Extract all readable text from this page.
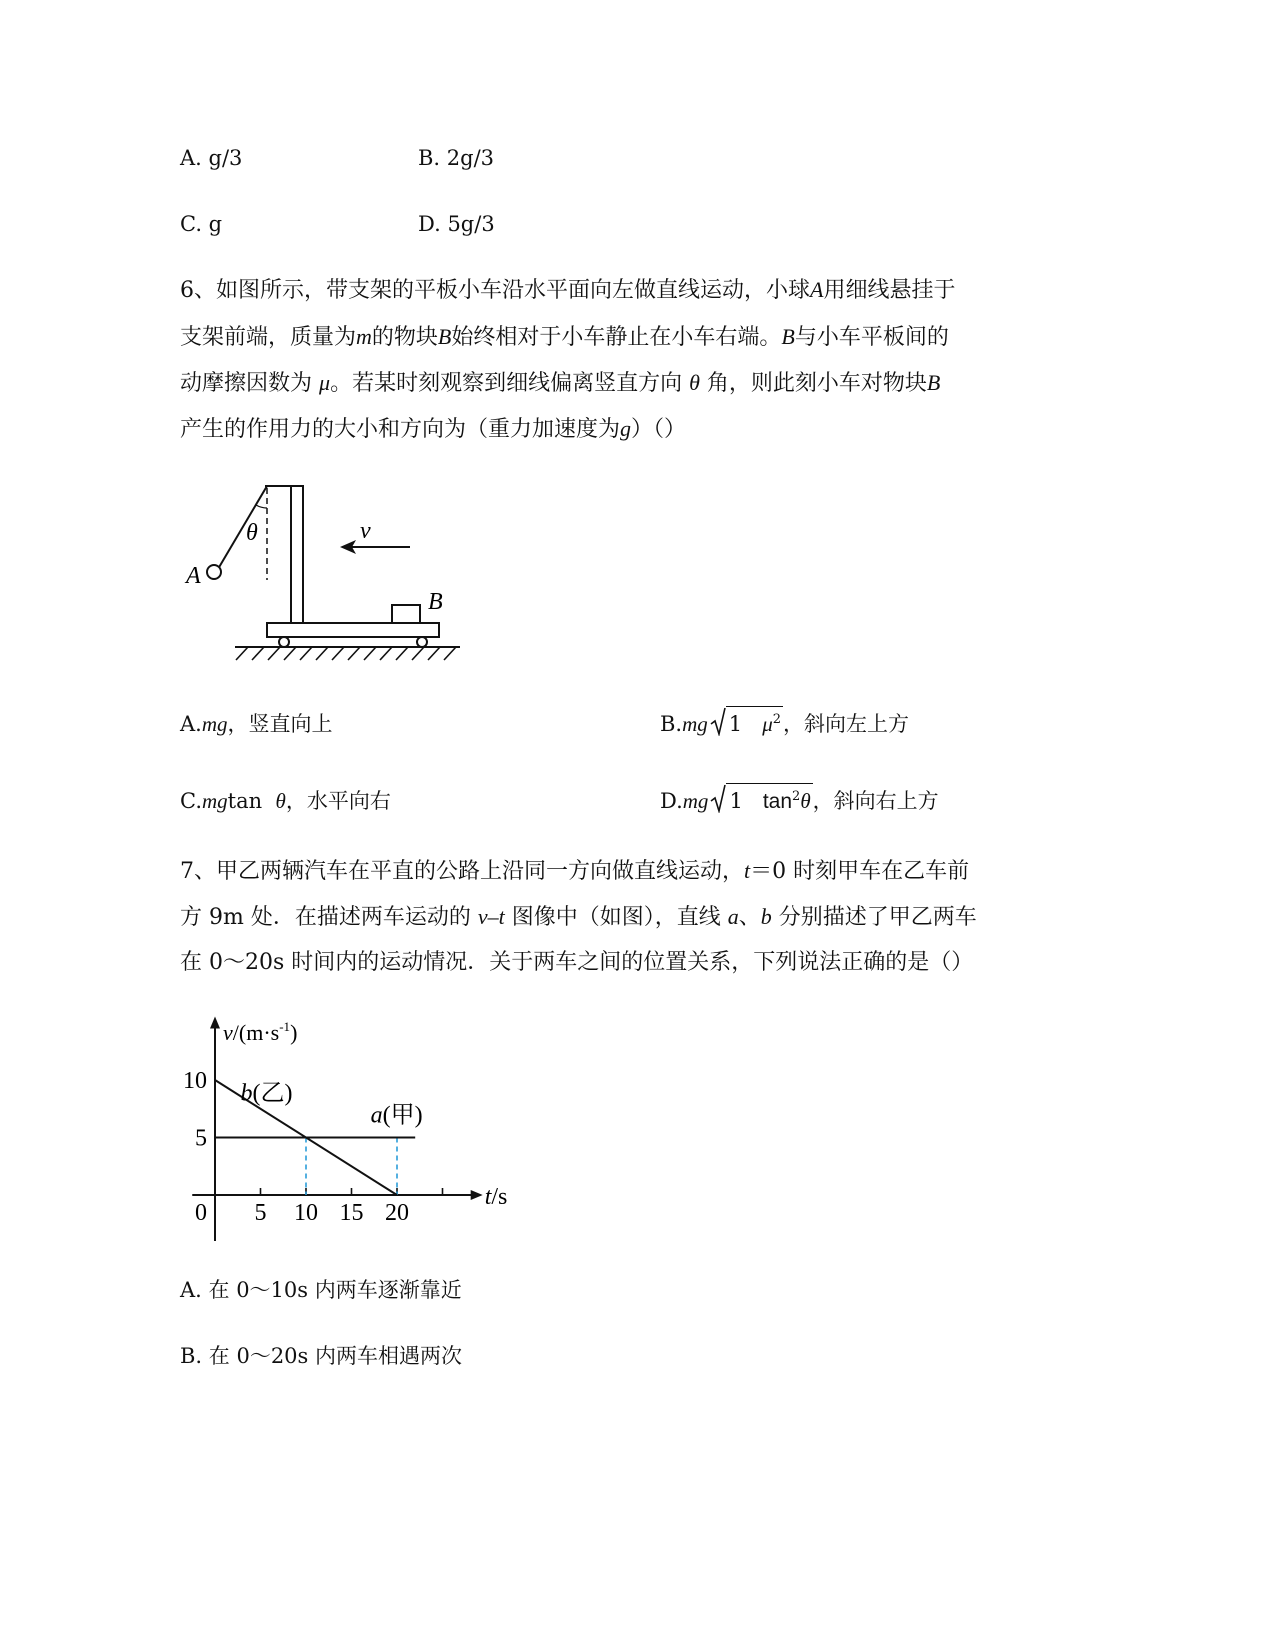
A. g/3	B. 2g/3
C. g	D. 5g/3
6、如图所示，带支架的平板小车沿水平面向左做直线运动，小球A用细线悬挂于
支架前端，质量为m的物块B始终相对于小车静止在小车右端。B与小车平板间的
动摩擦因数为 μ。若某时刻观察到细线偏离竖直方向 θ 角，则此刻小车对物块B
产生的作用力的大小和方向为（重力加速度为g）（）
θ
A
v
B
A.mg，竖直向上	B.mg 1 $\mu^2$，斜向左上方
C.mgtan θ，水平向右	D.mg 1 $\tan^2\theta$，斜向右上方
7、甲乙两辆汽车在平直的公路上沿同一方向做直线运动，t＝0 时刻甲车在乙车前
方 9m 处．在描述两车运动的 v–t 图像中（如图），直线 a、b 分别描述了甲乙两车
在 0～20s 时间内的运动情况．关于两车之间的位置关系，下列说法正确的是（）
0 5 10 15 20
10
5
b(乙)
a(甲)
$v/(m\cdot s^{-1})$
t/s
A. 在 0～10s 内两车逐渐靠近
B. 在 0～20s 内两车相遇两次
